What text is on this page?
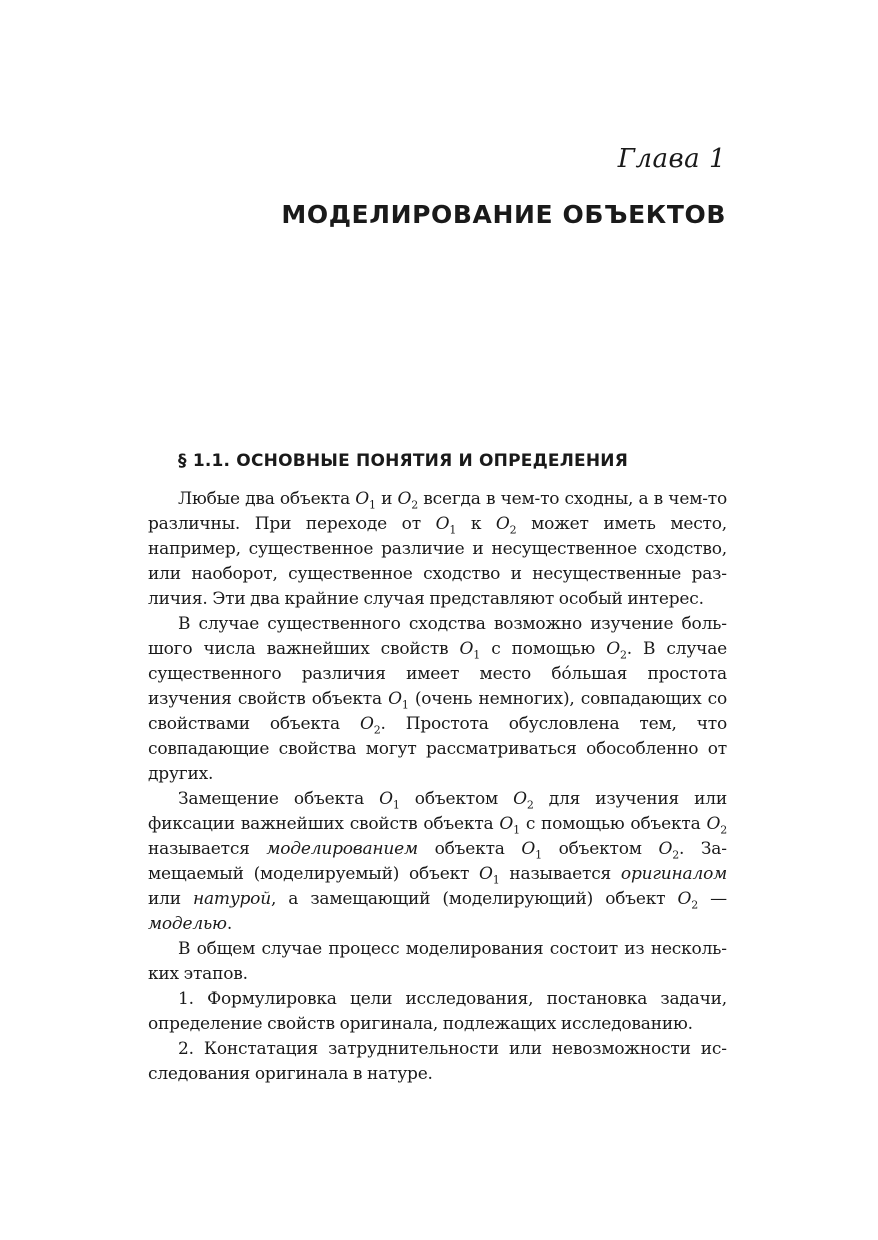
Глава 1
МОДЕЛИРОВАНИЕ ОБЪЕКТОВ
§ 1.1. ОСНОВНЫЕ ПОНЯТИЯ И ОПРЕДЕЛЕНИЯ

Любые два объекта $O_1$ и $O_2$ всегда в чем-то сходны, а в чем-то различны. При переходе от $O_1$ к $O_2$ может иметь место, например, существенное различие и несущественное сходство, или наоборот, существенное сходство и несущественные различия. Эти два крайние случая представляют особый интерес.

В случае существенного сходства возможно изучение большого числа важнейших свойств $O_1$ с помощью $O_2$. В случае существенного различия имеет место бо́льшая простота изучения свойств объекта $O_1$ (очень немногих), совпадающих со свойствами объекта $O_2$. Простота обусловлена тем, что совпадающие свойства могут рассматриваться обособленно от других.

Замещение объекта $O_1$ объектом $O_2$ для изучения или фиксации важнейших свойств объекта $O_1$ с помощью объекта $O_2$ называется моделированием объекта $O_1$ объектом $O_2$. Замещаемый (моделируемый) объект $O_1$ называется оригиналом или натурой, а замещающий (моделирующий) объект $O_2$ — моделью.

В общем случае процесс моделирования состоит из нескольких этапов.

1. Формулировка цели исследования, постановка задачи, определение свойств оригинала, подлежащих исследованию.

2. Констатация затруднительности или невозможности исследования оригинала в натуре.
